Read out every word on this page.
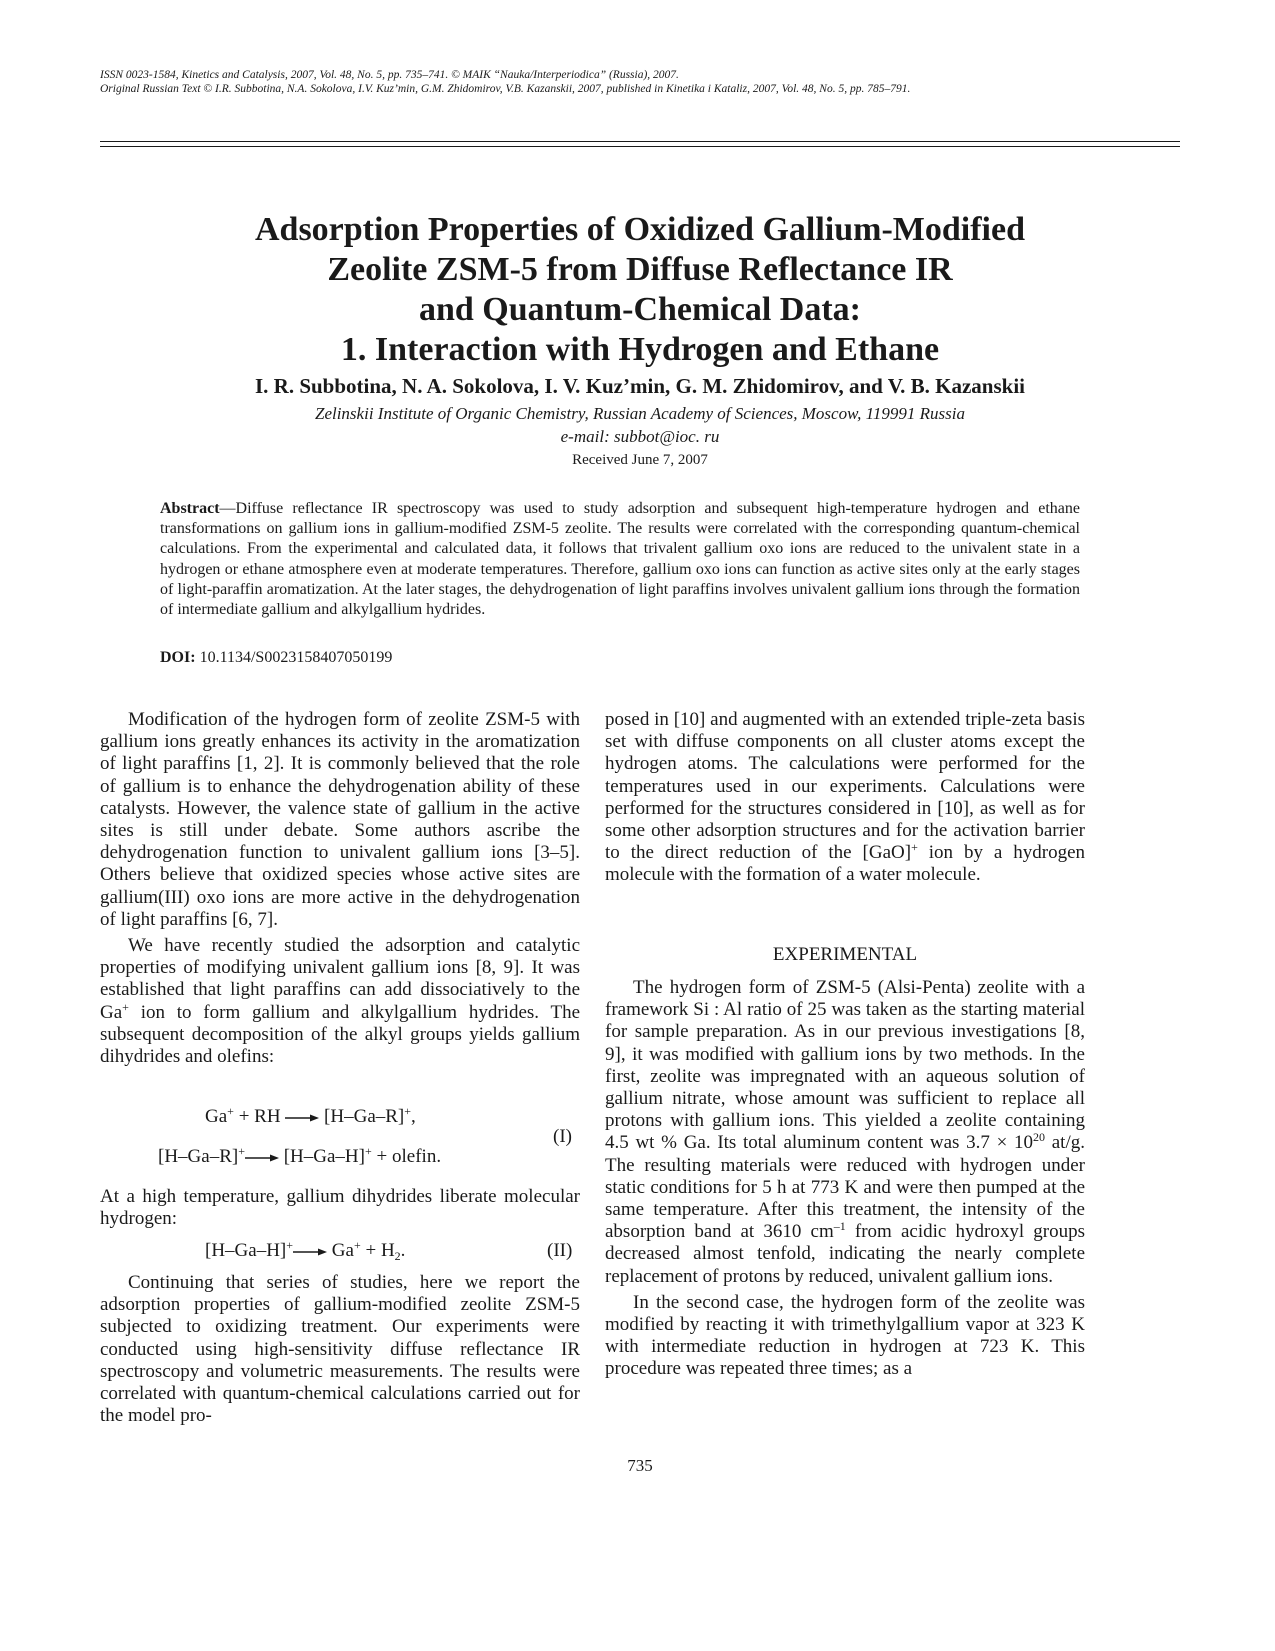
ISSN 0023-1584, Kinetics and Catalysis, 2007, Vol. 48, No. 5, pp. 735–741. © MAIK “Nauka/Interperiodica” (Russia), 2007.
Original Russian Text © I.R. Subbotina, N.A. Sokolova, I.V. Kuz’min, G.M. Zhidomirov, V.B. Kazanskii, 2007, published in Kinetika i Kataliz, 2007, Vol. 48, No. 5, pp. 785–791.
Adsorption Properties of Oxidized Gallium-Modified
Zeolite ZSM-5 from Diffuse Reflectance IR
and Quantum-Chemical Data:
1. Interaction with Hydrogen and Ethane
I. R. Subbotina, N. A. Sokolova, I. V. Kuz’min, G. M. Zhidomirov, and V. B. Kazanskii
Zelinskii Institute of Organic Chemistry, Russian Academy of Sciences, Moscow, 119991 Russia
e-mail: subbot@ioc. ru
Received June 7, 2007
Abstract—Diffuse reflectance IR spectroscopy was used to study adsorption and subsequent high-temperature hydrogen and ethane transformations on gallium ions in gallium-modified ZSM-5 zeolite. The results were correlated with the corresponding quantum-chemical calculations. From the experimental and calculated data, it follows that trivalent gallium oxo ions are reduced to the univalent state in a hydrogen or ethane atmosphere even at moderate temperatures. Therefore, gallium oxo ions can function as active sites only at the early stages of light-paraffin aromatization. At the later stages, the dehydrogenation of light paraffins involves univalent gallium ions through the formation of intermediate gallium and alkylgallium hydrides.
DOI: 10.1134/S0023158407050199

Modification of the hydrogen form of zeolite ZSM-5 with gallium ions greatly enhances its activity in the aromatization of light paraffins [1, 2]. It is commonly believed that the role of gallium is to enhance the dehydrogenation ability of these catalysts. However, the valence state of gallium in the active sites is still under debate. Some authors ascribe the dehydrogenation function to univalent gallium ions [3–5]. Others believe that oxidized species whose active sites are gallium(III) oxo ions are more active in the dehydrogenation of light paraffins [6, 7].

We have recently studied the adsorption and catalytic properties of modifying univalent gallium ions [8, 9]. It was established that light paraffins can add dissociatively to the Ga+ ion to form gallium and alkylgallium hydrides. The subsequent decomposition of the alkyl groups yields gallium dihydrides and olefins:

Ga+ + RH → [H–Ga–R]+,
[H–Ga–R]+→ [H–Ga–H]+ + olefin.
(I)

At a high temperature, gallium dihydrides liberate molecular hydrogen:

$[H-Ga-H]^+\to Ga^+ + H_2$.	(II)

Continuing that series of studies, here we report the adsorption properties of gallium-modified zeolite ZSM-5 subjected to oxidizing treatment. Our experiments were conducted using high-sensitivity diffuse reflectance IR spectroscopy and volumetric measurements. The results were correlated with quantum-chemical calculations carried out for the model pro-

posed in [10] and augmented with an extended triple-zeta basis set with diffuse components on all cluster atoms except the hydrogen atoms. The calculations were performed for the temperatures used in our experiments. Calculations were performed for the structures considered in [10], as well as for some other adsorption structures and for the activation barrier to the direct reduction of the [GaO]+ ion by a hydrogen molecule with the formation of a water molecule.

EXPERIMENTAL

The hydrogen form of ZSM-5 (Alsi-Penta) zeolite with a framework Si : Al ratio of 25 was taken as the starting material for sample preparation. As in our previous investigations [8, 9], it was modified with gallium ions by two methods. In the first, zeolite was impregnated with an aqueous solution of gallium nitrate, whose amount was sufficient to replace all protons with gallium ions. This yielded a zeolite containing 4.5 wt % Ga. Its total aluminum content was $3.7 \times 10^{20}$ at/g. The resulting materials were reduced with hydrogen under static conditions for 5 h at 773 K and were then pumped at the same temperature. After this treatment, the intensity of the absorption band at 3610 $cm^{-1}$ from acidic hydroxyl groups decreased almost tenfold, indicating the nearly complete replacement of protons by reduced, univalent gallium ions.

In the second case, the hydrogen form of the zeolite was modified by reacting it with trimethylgallium vapor at 323 K with intermediate reduction in hydrogen at 723 K. This procedure was repeated three times; as a

735
